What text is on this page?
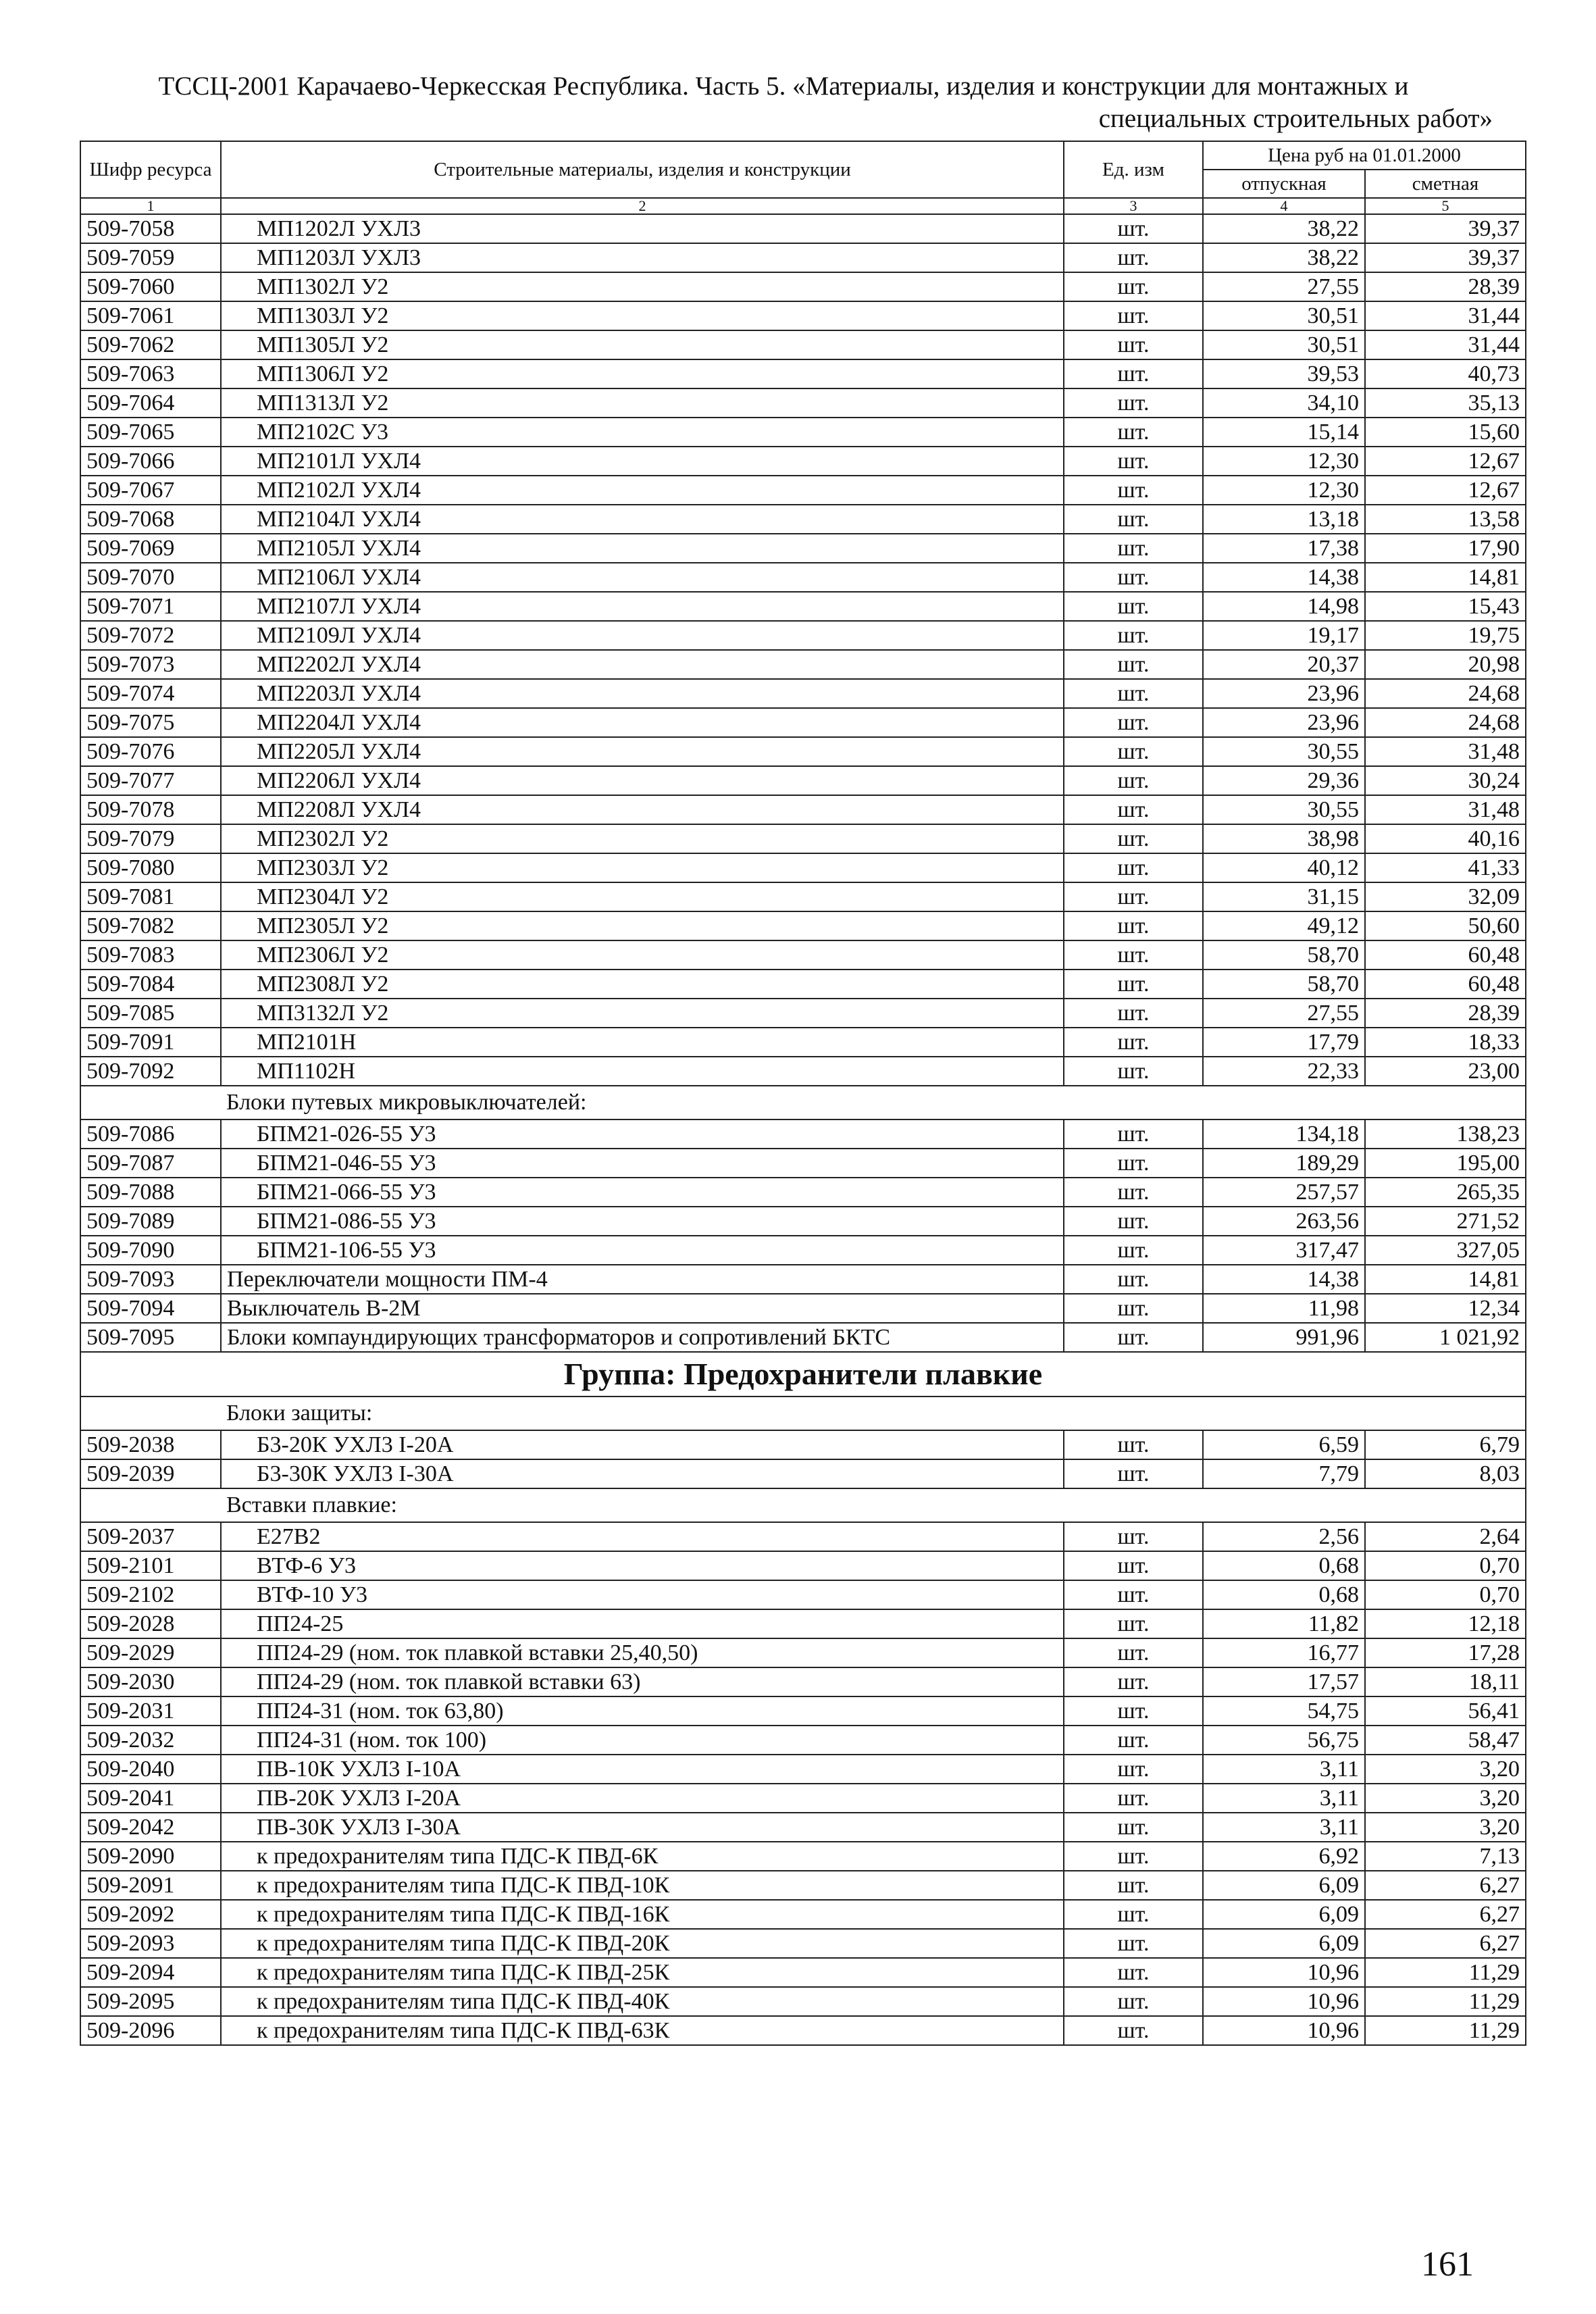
ТССЦ-2001 Карачаево-Черкесская Республика. Часть 5. «Материалы, изделия и конструкции для монтажных и
специальных строительных работ»
Шифр ресурса	Строительные материалы, изделия и конструкции	Ед. изм	Цена руб на 01.01.2000	
			отпускная	сметная
1	2	3	4	5
509-7058	МП1202Л УХЛ3	шт.	38,22	39,37
509-7059	МП1203Л УХЛ3	шт.	38,22	39,37
509-7060	МП1302Л У2	шт.	27,55	28,39
509-7061	МП1303Л У2	шт.	30,51	31,44
509-7062	МП1305Л У2	шт.	30,51	31,44
509-7063	МП1306Л У2	шт.	39,53	40,73
509-7064	МП1313Л У2	шт.	34,10	35,13
509-7065	МП2102С У3	шт.	15,14	15,60
509-7066	МП2101Л УХЛ4	шт.	12,30	12,67
509-7067	МП2102Л УХЛ4	шт.	12,30	12,67
509-7068	МП2104Л УХЛ4	шт.	13,18	13,58
509-7069	МП2105Л УХЛ4	шт.	17,38	17,90
509-7070	МП2106Л УХЛ4	шт.	14,38	14,81
509-7071	МП2107Л УХЛ4	шт.	14,98	15,43
509-7072	МП2109Л УХЛ4	шт.	19,17	19,75
509-7073	МП2202Л УХЛ4	шт.	20,37	20,98
509-7074	МП2203Л УХЛ4	шт.	23,96	24,68
509-7075	МП2204Л УХЛ4	шт.	23,96	24,68
509-7076	МП2205Л УХЛ4	шт.	30,55	31,48
509-7077	МП2206Л УХЛ4	шт.	29,36	30,24
509-7078	МП2208Л УХЛ4	шт.	30,55	31,48
509-7079	МП2302Л У2	шт.	38,98	40,16
509-7080	МП2303Л У2	шт.	40,12	41,33
509-7081	МП2304Л У2	шт.	31,15	32,09
509-7082	МП2305Л У2	шт.	49,12	50,60
509-7083	МП2306Л У2	шт.	58,70	60,48
509-7084	МП2308Л У2	шт.	58,70	60,48
509-7085	МП3132Л У2	шт.	27,55	28,39
509-7091	МП2101Н	шт.	17,79	18,33
509-7092	МП1102Н	шт.	22,33	23,00
	Блоки путевых микровыключателей:			
509-7086	БПМ21-026-55 У3	шт.	134,18	138,23
509-7087	БПМ21-046-55 У3	шт.	189,29	195,00
509-7088	БПМ21-066-55 У3	шт.	257,57	265,35
509-7089	БПМ21-086-55 У3	шт.	263,56	271,52
509-7090	БПМ21-106-55 У3	шт.	317,47	327,05
509-7093	Переключатели мощности ПМ-4	шт.	14,38	14,81
509-7094	Выключатель В-2М	шт.	11,98	12,34
509-7095	Блоки компаундирующих трансформаторов и сопротивлений БКТС	шт.	991,96	1 021,92
Группа: Предохранители плавкие				
	Блоки защиты:			
509-2038	Б3-20К УХЛ3 I-20А	шт.	6,59	6,79
509-2039	Б3-30К УХЛ3 I-30А	шт.	7,79	8,03
	Вставки плавкие:			
509-2037	Е27В2	шт.	2,56	2,64
509-2101	ВТФ-6 У3	шт.	0,68	0,70
509-2102	ВТФ-10 У3	шт.	0,68	0,70
509-2028	ПП24-25	шт.	11,82	12,18
509-2029	ПП24-29 (ном. ток плавкой вставки 25,40,50)	шт.	16,77	17,28
509-2030	ПП24-29 (ном. ток плавкой вставки 63)	шт.	17,57	18,11
509-2031	ПП24-31 (ном. ток 63,80)	шт.	54,75	56,41
509-2032	ПП24-31 (ном. ток 100)	шт.	56,75	58,47
509-2040	ПВ-10К УХЛ3 I-10А	шт.	3,11	3,20
509-2041	ПВ-20К УХЛ3 I-20А	шт.	3,11	3,20
509-2042	ПВ-30К УХЛ3 I-30А	шт.	3,11	3,20
509-2090	к предохранителям типа ПДС-К ПВД-6К	шт.	6,92	7,13
509-2091	к предохранителям типа ПДС-К ПВД-10К	шт.	6,09	6,27
509-2092	к предохранителям типа ПДС-К ПВД-16К	шт.	6,09	6,27
509-2093	к предохранителям типа ПДС-К ПВД-20К	шт.	6,09	6,27
509-2094	к предохранителям типа ПДС-К ПВД-25К	шт.	10,96	11,29
509-2095	к предохранителям типа ПДС-К ПВД-40К	шт.	10,96	11,29
509-2096	к предохранителям типа ПДС-К ПВД-63К	шт.	10,96	11,29
161
